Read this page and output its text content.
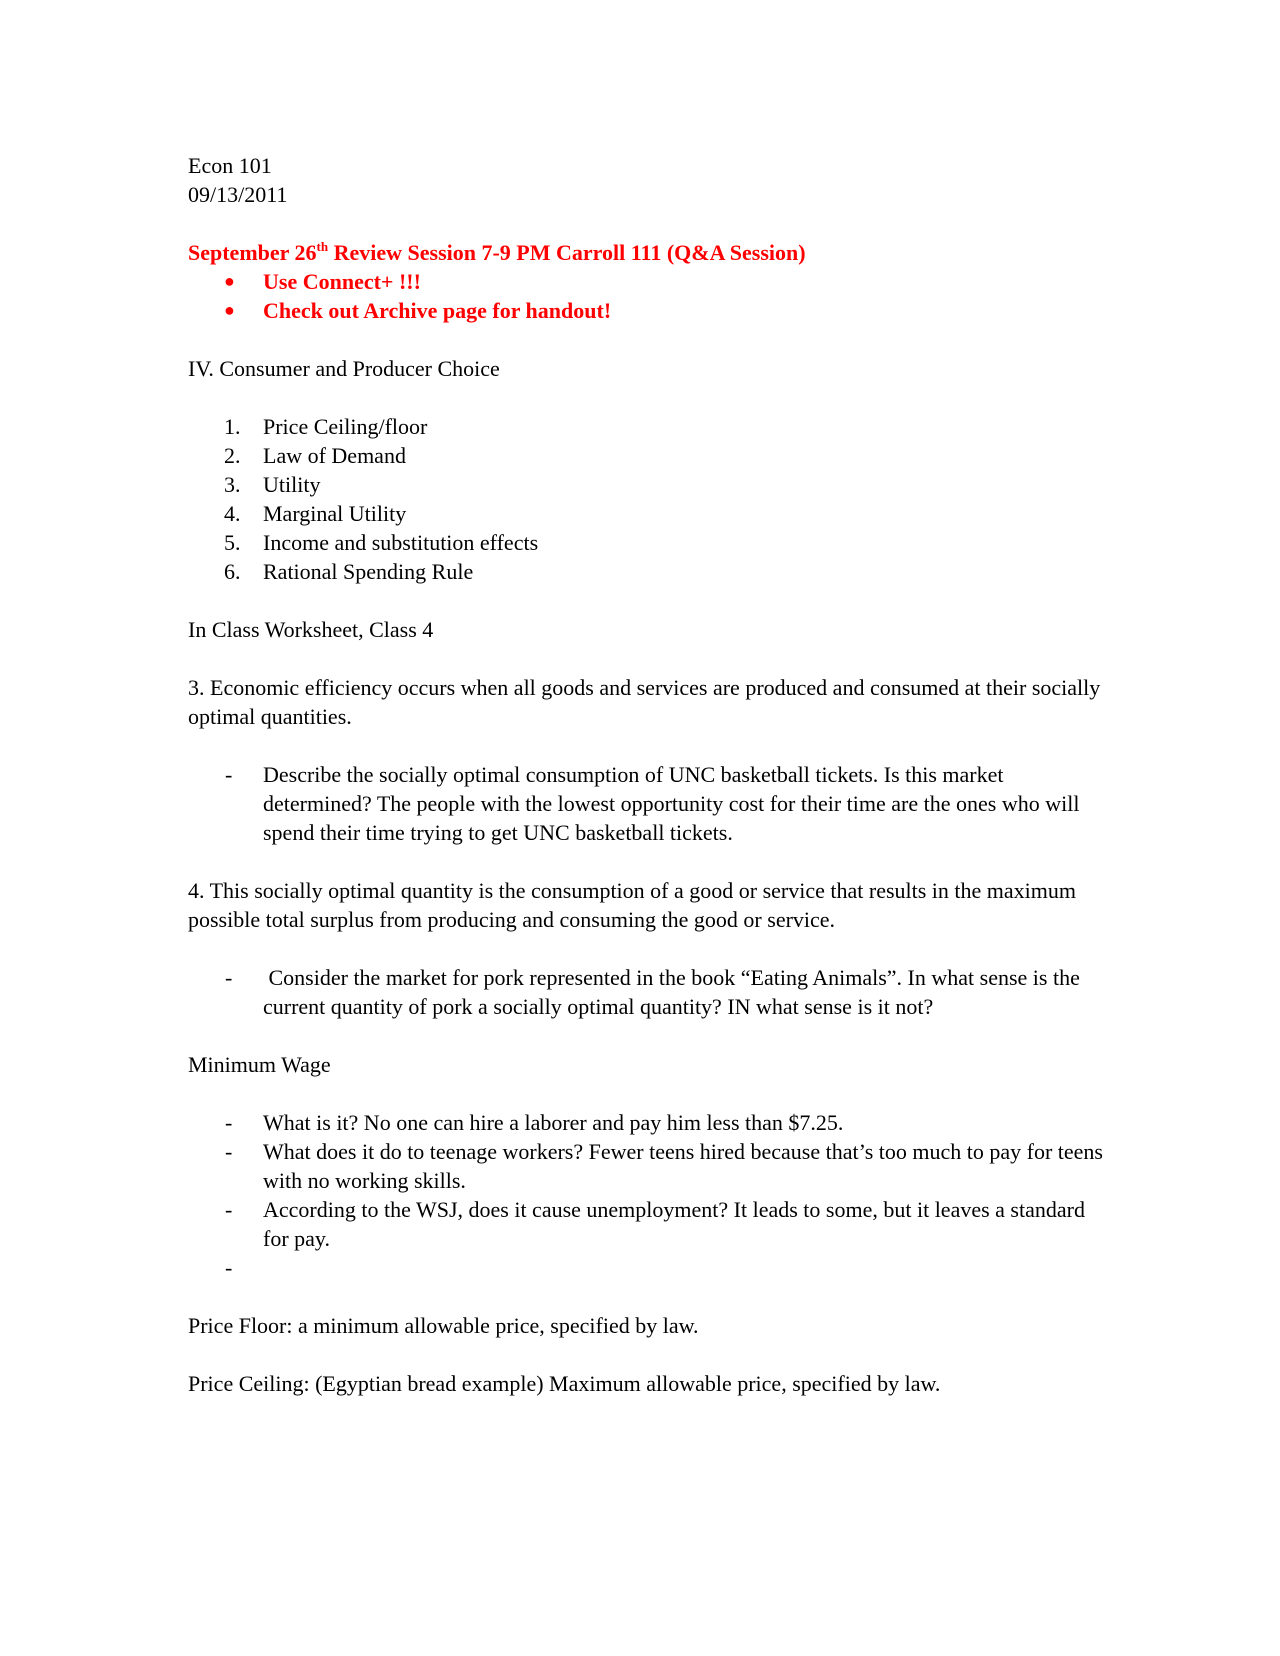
Econ 101
09/13/2011
September 26th Review Session 7-9 PM Carroll 111 (Q&A Session)
● Use Connect+ !!!
● Check out Archive page for handout!
IV. Consumer and Producer Choice
1. Price Ceiling/floor
2. Law of Demand
3. Utility
4. Marginal Utility
5. Income and substitution effects
6. Rational Spending Rule
In Class Worksheet, Class 4

3. Economic efficiency occurs when all goods and services are produced and consumed at their socially optimal quantities.

- Describe the socially optimal consumption of UNC basketball tickets. Is this market determined? The people with the lowest opportunity cost for their time are the ones who will spend their time trying to get UNC basketball tickets.

4. This socially optimal quantity is the consumption of a good or service that results in the maximum possible total surplus from producing and consuming the good or service.

- Consider the market for pork represented in the book “Eating Animals”. In what sense is the current quantity of pork a socially optimal quantity? IN what sense is it not?
Minimum Wage
- What is it? No one can hire a laborer and pay him less than $7.25.
- What does it do to teenage workers? Fewer teens hired because that’s too much to pay for teens with no working skills.
- According to the WSJ, does it cause unemployment? It leads to some, but it leaves a standard for pay.
-
Price Floor: a minimum allowable price, specified by law.
Price Ceiling: (Egyptian bread example) Maximum allowable price, specified by law.
